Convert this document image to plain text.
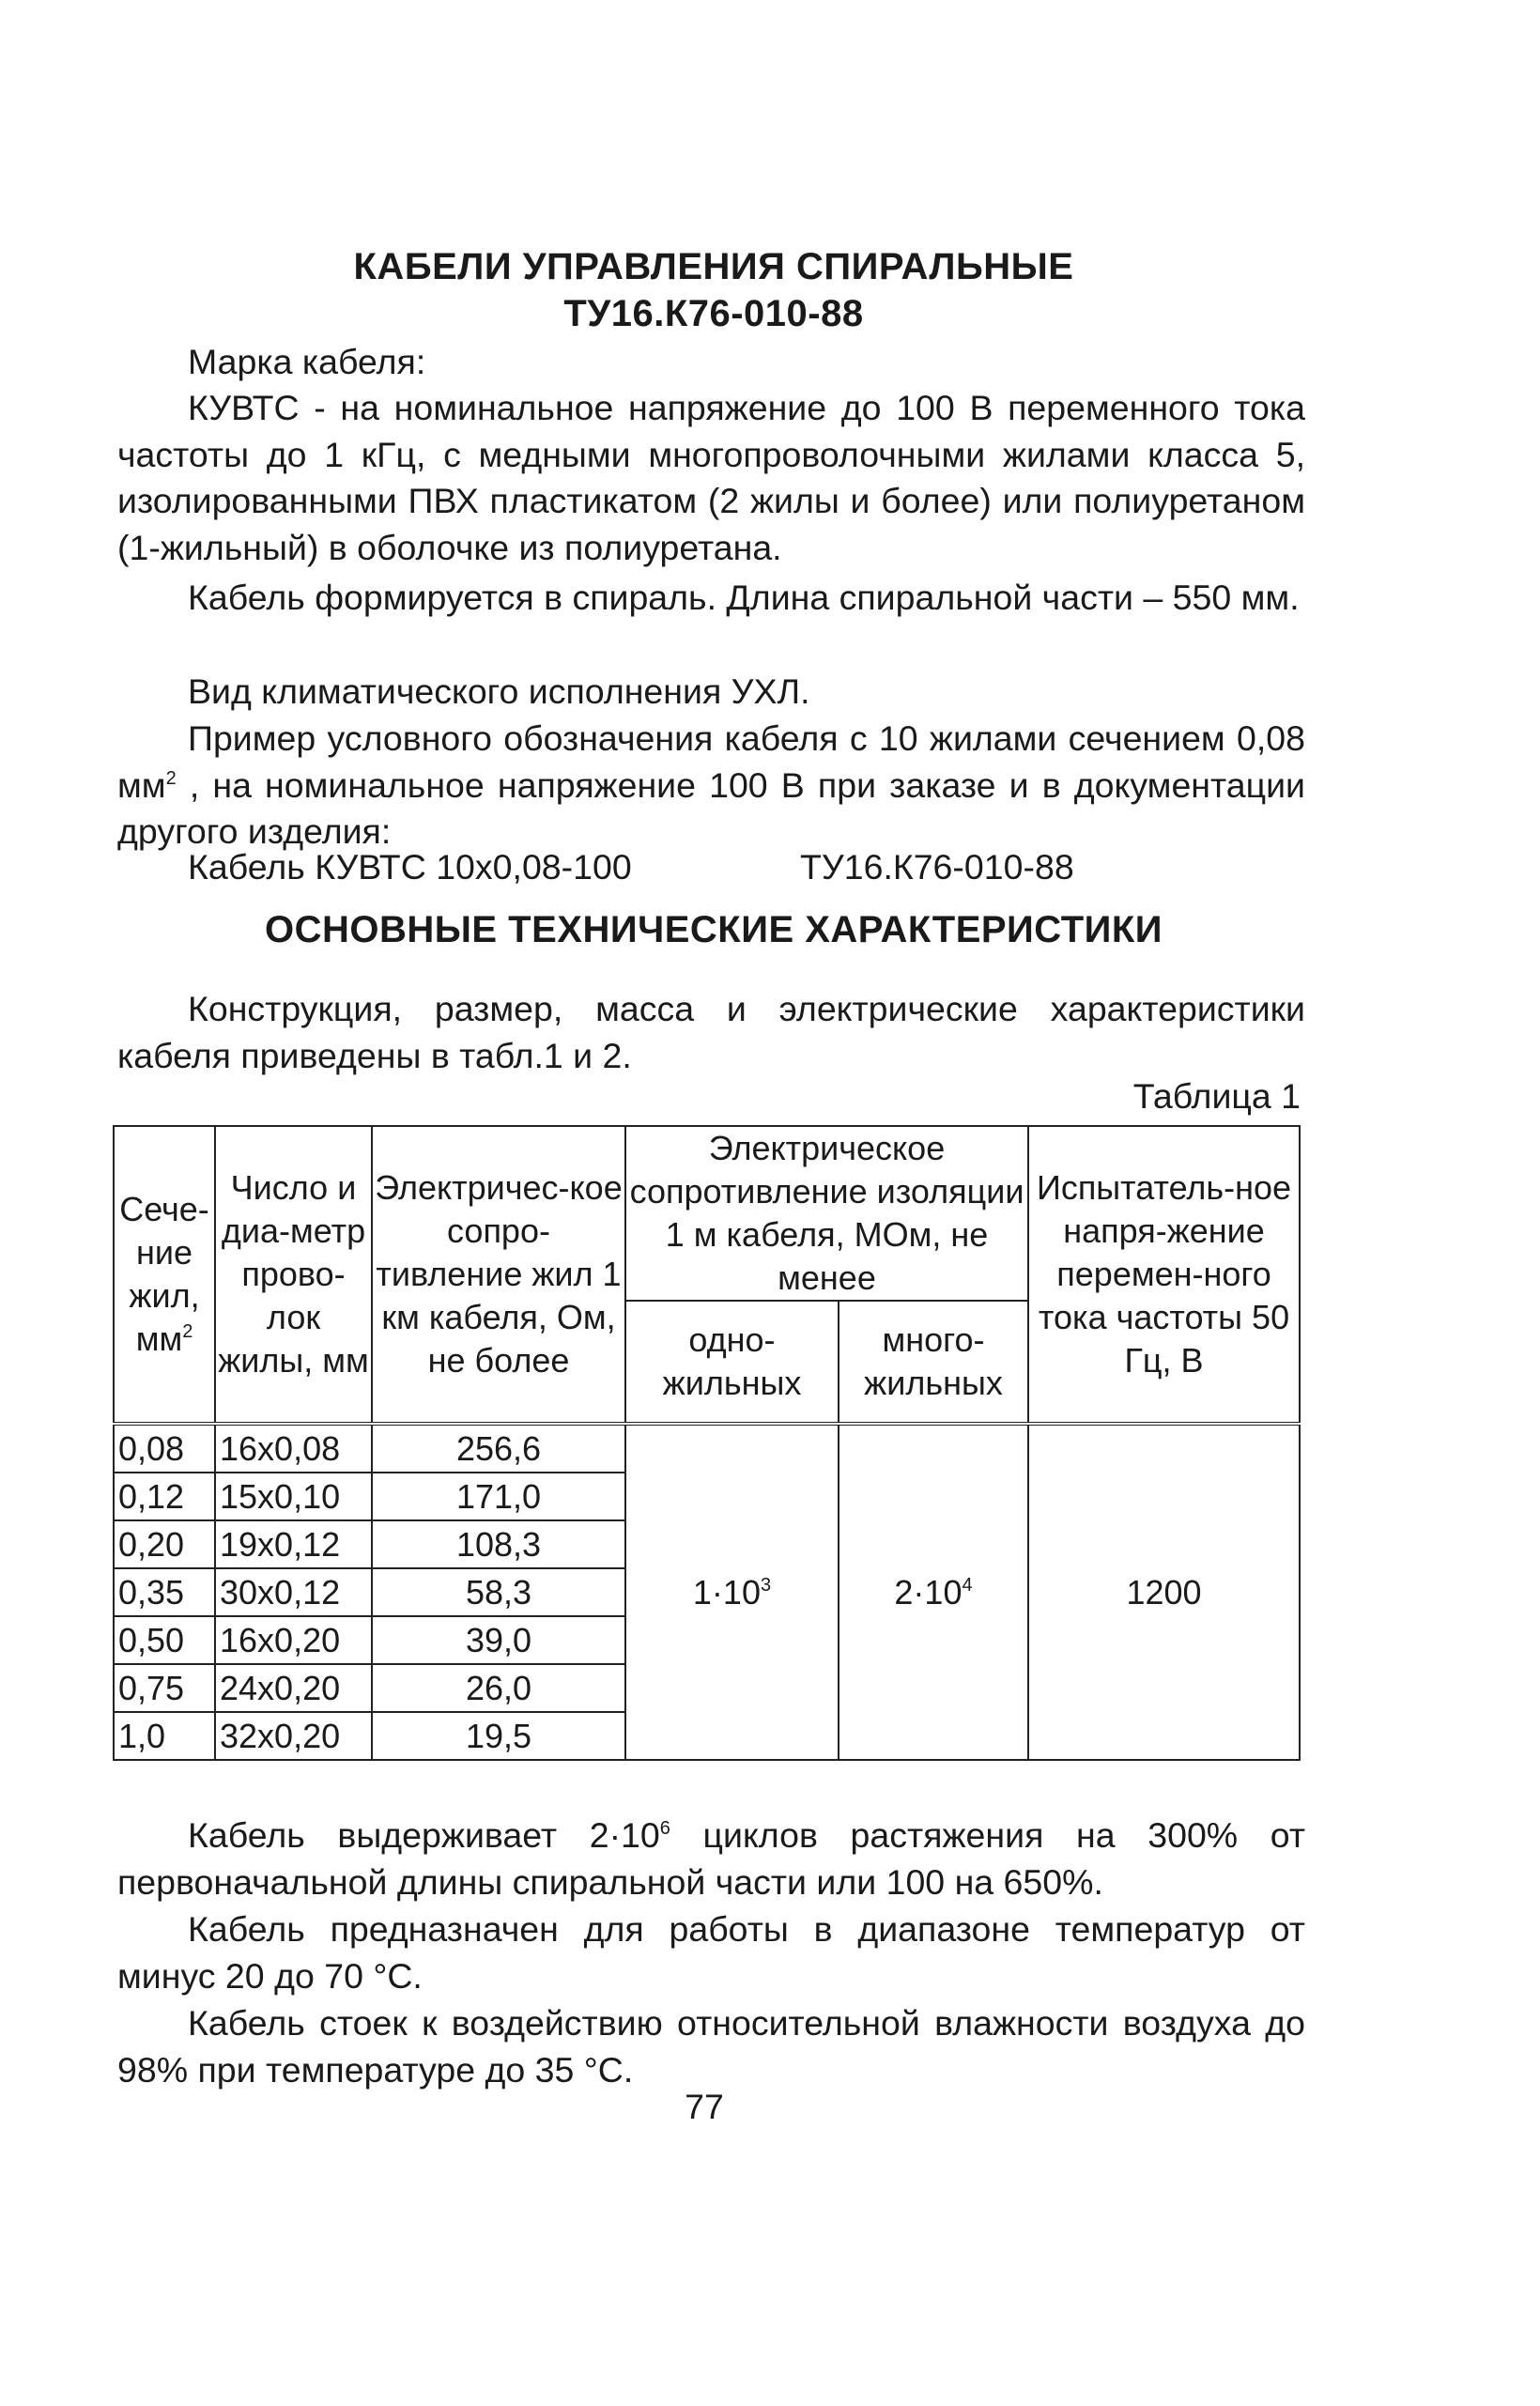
КАБЕЛИ УПРАВЛЕНИЯ СПИРАЛЬНЫЕ
ТУ16.К76-010-88
Марка кабеля:

КУВТС - на номинальное напряжение до 100 В переменного тока частоты до 1 кГц, с медными многопроволочными жилами класса 5, изолированными ПВХ пластикатом (2 жилы и более) или полиуретаном (1-жильный) в оболочке из полиуретана.

Кабель формируется в спираль. Длина спиральной части – 550 мм.

Вид климатического исполнения УХЛ.

Пример условного обозначения кабеля с 10 жилами сечением 0,08 $мм^2$ , на номинальное напряжение 100 В при заказе и в документации другого изделия:

Кабель КУВТС 10х0,08-100	ТУ16.К76-010-88
ОСНОВНЫЕ ТЕХНИЧЕСКИЕ ХАРАКТЕРИСТИКИ

Конструкция, размер, масса и электрические характеристики кабеля приведены в табл.1 и 2.

Таблица 1
Сече-ние жил,
$мм^2$	Число и диа-метр прово-лок жилы, мм	Электричес-кое сопро-тивление жил 1 км кабеля, Ом, не более	Электрическое сопротивление изоляции 1 м кабеля, МОм, не менее		Испытатель-ное напря-жение перемен-ного тока частоты 50 Гц, В
			одно-жильных	много-жильных	
0,08	16х0,08	256,6	$1\cdot 10^3$	$2\cdot 10^4$	1200
0,12	15х0,10	171,0			
0,20	19х0,12	108,3			
0,35	30х0,12	58,3			
0,50	16х0,20	39,0			
0,75	24х0,20	26,0			
1,0	32х0,20	19,5			

Кабель выдерживает $2\cdot 10^6$ циклов растяжения на 300% от первоначальной длины спиральной части или 100 на 650%.

Кабель предназначен для работы в диапазоне температур от минус 20 до 70 °С.

Кабель стоек к воздействию относительной влажности воздуха до 98% при температуре до 35 °С.

77
